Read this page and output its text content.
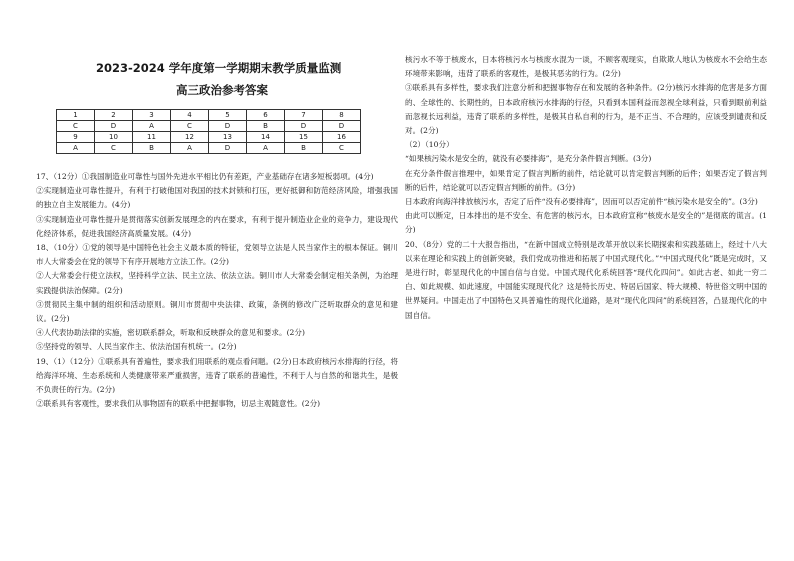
2023-2024 学年度第一学期期末教学质量监测
高三政治参考答案
1	2	3	4	5	6	7	8
C	D	A	C	D	B	D	D
9	10	11	12	13	14	15	16
A	C	B	A	D	A	B	C

17、（12分）①我国制造业可靠性与国外先进水平相比仍有差距，产业基础存在诸多短板弱项。(4分)

②实现制造业可靠性提升，有利于打破他国对我国的技术封锁和打压，更好抵御和防范经济风险，增强我国的独立自主发展能力。(4分)

③实现制造业可靠性提升是贯彻落实创新发展理念的内在要求，有利于提升制造业企业的竞争力，建设现代化经济体系，促进我国经济高质量发展。(4分)

18、（10分）①党的领导是中国特色社会主义最本质的特征，党领导立法是人民当家作主的根本保证。铜川市人大常委会在党的领导下有序开展地方立法工作。(2分)

②人大常委会行使立法权，坚持科学立法、民主立法、依法立法。铜川市人大常委会制定相关条例，为治理实践提供法治保障。(2分)

③贯彻民主集中制的组织和活动原则。铜川市贯彻中央法律、政策，条例的修改广泛听取群众的意见和建议。(2分)

④人代表协助法律的实施，密切联系群众，听取和反映群众的意见和要求。(2分)

⑤坚持党的领导、人民当家作主、依法治国有机统一。(2分)

19、（1）（12分）①联系具有普遍性，要求我们用联系的观点看问题。(2分)日本政府核污水排海的行径，将给海洋环境、生态系统和人类健康带来严重损害，违背了联系的普遍性，不利于人与自然的和谐共生，是极不负责任的行为。(2分)

②联系具有客观性，要求我们从事物固有的联系中把握事物，切忌主观随意性。(2分)

核污水不等于核废水，日本将核污水与核废水混为一谈，不顾客观现实，自欺欺人地认为核废水不会给生态环境带来影响，违背了联系的客观性，是极其恶劣的行为。(2分)

③联系具有多样性，要求我们注意分析和把握事物存在和发展的各种条件。(2分)核污水排海的危害是多方面的、全球性的、长期性的，日本政府核污水排海的行径，只看到本国利益而忽视全球利益，只看到眼前利益而忽视长远利益，违背了联系的多样性，是极其自私自利的行为，是不正当、不合理的，应该受到谴责和反对。(2分)

（2）（10分）

“如果核污染水是安全的，就没有必要排海”，是充分条件假言判断。(3分)

在充分条件假言推理中，如果肯定了假言判断的前件，结论就可以肯定假言判断的后件；如果否定了假言判断的后件，结论就可以否定假言判断的前件。(3分)

日本政府向海洋排放核污水，否定了后件“没有必要排海”，因而可以否定前件“核污染水是安全的”。(3分)

由此可以断定，日本排出的是不安全、有危害的核污水，日本政府宣称“核废水是安全的”是彻底的谎言。(1分)

20、（8分）党的二十大报告指出，“在新中国成立特别是改革开放以来长期探索和实践基础上，经过十八大以来在理论和实践上的创新突破，我们党成功推进和拓展了中国式现代化。”“中国式现代化”既是完成时，又是进行时，彰显现代化的中国自信与自觉。中国式现代化系统回答“现代化四问”。如此古老、如此一穷二白、如此规模、如此速度，中国能实现现代化？这是特长历史、特居后国家、特大规模、特世俗文明中国的世界疑问。中国走出了中国特色又具普遍性的现代化道路，是对“现代化四问”的系统回答，凸显现代化的中国自信。
